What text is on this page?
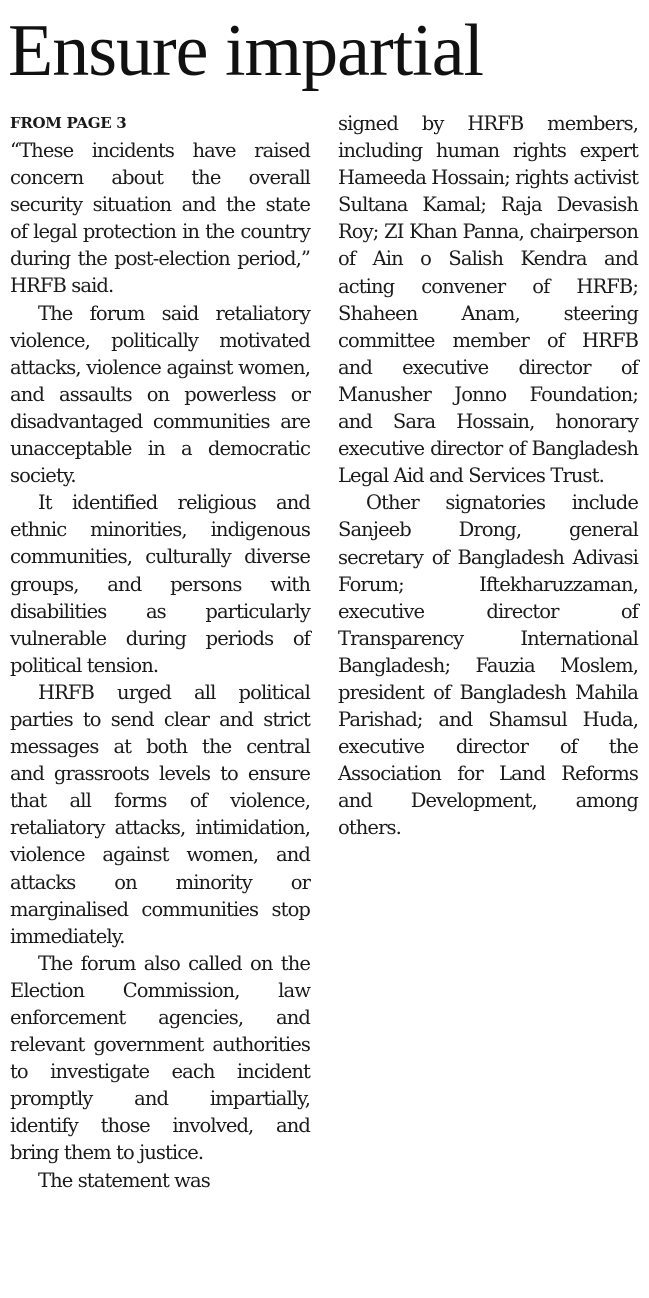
Ensure impartial
FROM PAGE 3

“These incidents have raised concern about the overall security situation and the state of legal protection in the country during the post-election period,” HRFB said.

The forum said retaliatory violence, politically motivated attacks, violence against women, and assaults on powerless or disadvantaged communities are unacceptable in a democratic society.

It identified religious and ethnic minorities, indigenous communities, culturally diverse groups, and persons with disabilities as particularly vulnerable during periods of political tension.

HRFB urged all political parties to send clear and strict messages at both the central and grassroots levels to ensure that all forms of violence, retaliatory attacks, intimidation, violence against women, and attacks on minority or marginalised communities stop immediately.

The forum also called on the Election Commission, law enforcement agencies, and relevant government authorities to investigate each incident promptly and impartially, identify those involved, and bring them to justice.

The statement was

signed by HRFB members, including human rights expert Hameeda Hossain; rights activist Sultana Kamal; Raja Devasish Roy; ZI Khan Panna, chairperson of Ain o Salish Kendra and acting convener of HRFB; Shaheen Anam, steering committee member of HRFB and executive director of Manusher Jonno Foundation; and Sara Hossain, honorary executive director of Bangladesh Legal Aid and Services Trust.

Other signatories include Sanjeeb Drong, general secretary of Bangladesh Adivasi Forum; Iftekharuzzaman, executive director of Transparency International Bangladesh; Fauzia Moslem, president of Bangladesh Mahila Parishad; and Shamsul Huda, executive director of the Association for Land Reforms and Development, among others.
